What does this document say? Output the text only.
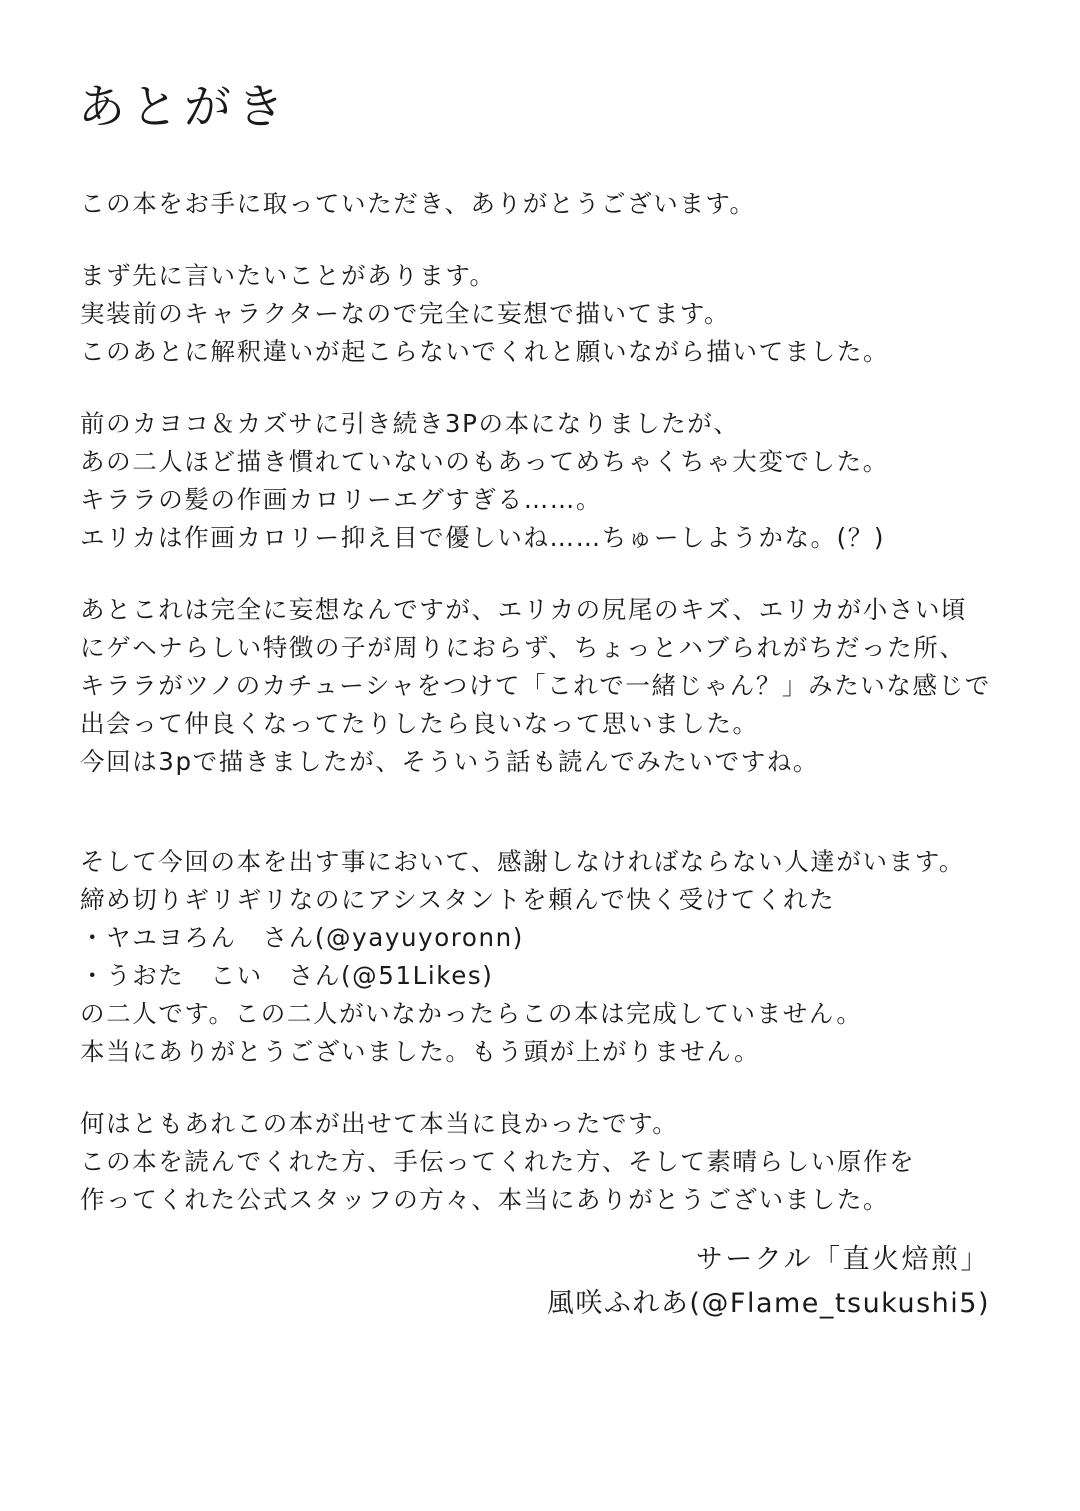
あとがき
この本をお手に取っていただき、ありがとうございます。
まず先に言いたいことがあります。
実装前のキャラクターなので完全に妄想で描いてます。
このあとに解釈違いが起こらないでくれと願いながら描いてました。
前のカヨコ＆カズサに引き続き3Pの本になりましたが、
あの二人ほど描き慣れていないのもあってめちゃくちゃ大変でした。
キララの髪の作画カロリーエグすぎる……。
エリカは作画カロリー抑え目で優しいね……ちゅーしようかな。(？)
あとこれは完全に妄想なんですが、エリカの尻尾のキズ、エリカが小さい頃
にゲヘナらしい特徴の子が周りにおらず、ちょっとハブられがちだった所、
キララがツノのカチューシャをつけて「これで一緒じゃん？」みたいな感じで
出会って仲良くなってたりしたら良いなって思いました。
今回は3pで描きましたが、そういう話も読んでみたいですね。
そして今回の本を出す事において、感謝しなければならない人達がいます。
締め切りギリギリなのにアシスタントを頼んで快く受けてくれた
・ヤユヨろん　さん(@yayuyoronn)
・うおた　こい　さん(@51Likes)
の二人です。この二人がいなかったらこの本は完成していません。
本当にありがとうございました。もう頭が上がりません。
何はともあれこの本が出せて本当に良かったです。
この本を読んでくれた方、手伝ってくれた方、そして素晴らしい原作を
作ってくれた公式スタッフの方々、本当にありがとうございました。
サークル「直火焙煎」
風咲ふれあ(@Flame_tsukushi5)
